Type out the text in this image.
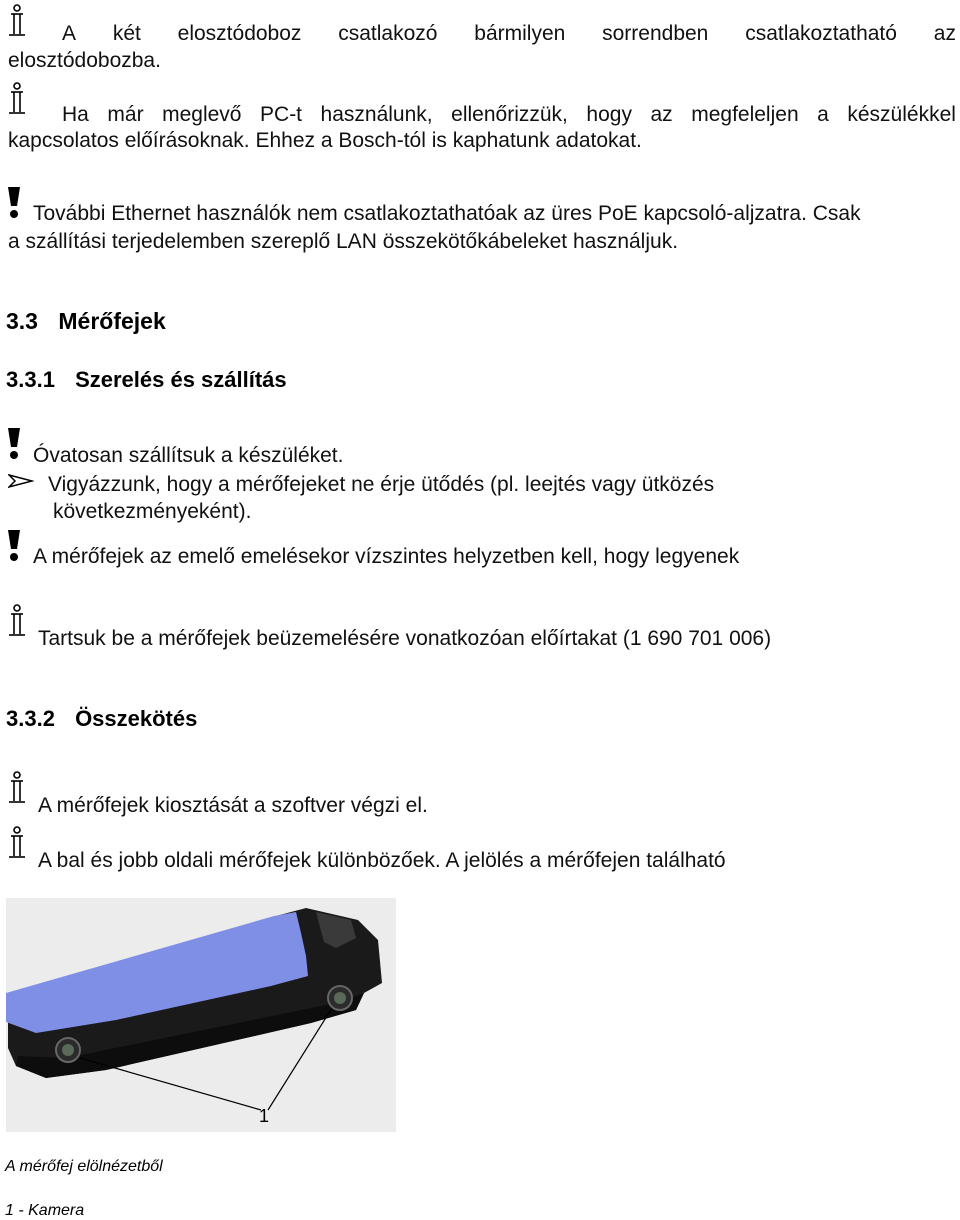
A két elosztódoboz csatlakozó bármilyen sorrendben csatlakoztatható az
elosztódobozba.
Ha már meglevő PC-t használunk, ellenőrizzük, hogy az megfeleljen a készülékkel
kapcsolatos előírásoknak. Ehhez a Bosch-tól is kaphatunk adatokat.
További Ethernet használók nem csatlakoztathatóak az üres PoE kapcsoló-aljzatra. Csak
a szállítási terjedelemben szereplő LAN összekötőkábeleket használjuk.
3.3 Mérőfejek
3.3.1 Szerelés és szállítás
Óvatosan szállítsuk a készüléket.
Vigyázzunk, hogy a mérőfejeket ne érje ütődés (pl. leejtés vagy ütközés
következményeként).
A mérőfejek az emelő emelésekor vízszintes helyzetben kell, hogy legyenek
Tartsuk be a mérőfejek beüzemelésére vonatkozóan előírtakat (1 690 701 006)
3.3.2 Összekötés
A mérőfejek kiosztását a szoftver végzi el.
A bal és jobb oldali mérőfejek különbözőek. A jelölés a mérőfejen található
1
A mérőfej elölnézetből
1 - Kamera
